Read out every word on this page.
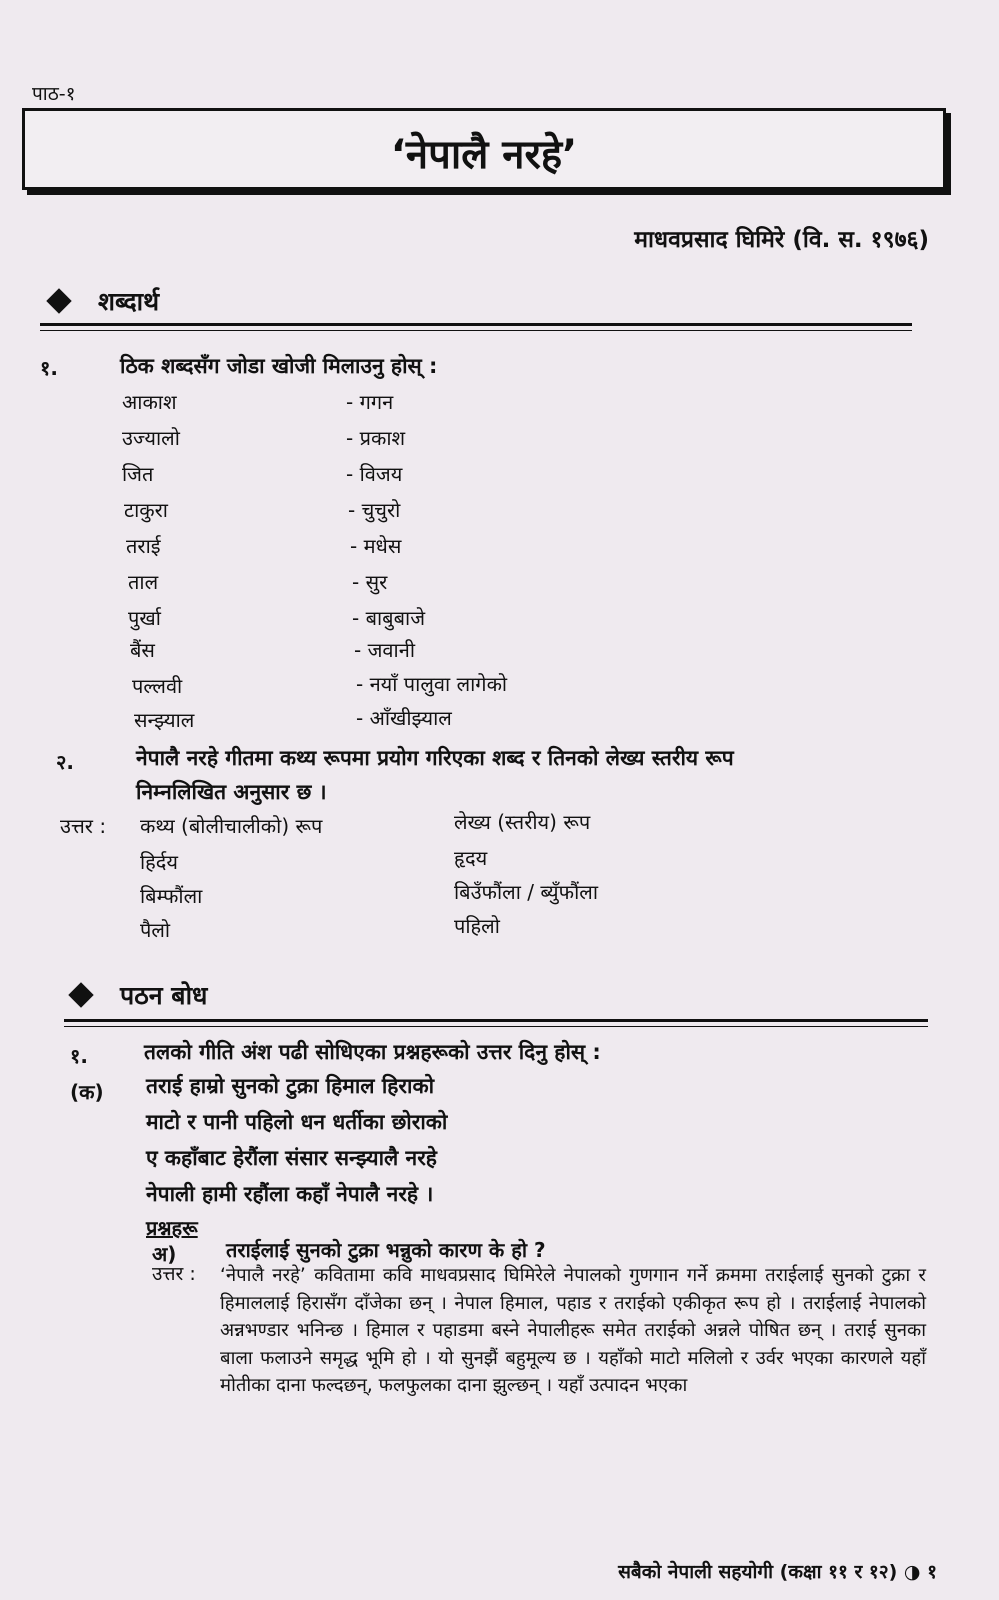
पाठ-१
‘नेपालै नरहे’
माधवप्रसाद घिमिरे (वि. स. १९७६)
शब्दार्थ
१.	ठिक शब्दसँग जोडा खोजी मिलाउनु होस् :
आकाश	- गगन
उज्यालो	- प्रकाश
जित	- विजय
टाकुरा	- चुचुरो
तराई	- मधेस
ताल	- सुर
पुर्खा	- बाबुबाजे
बैंस	- जवानी
पल्लवी	- नयाँ पालुवा लागेको
सन्झ्याल	- आँखीझ्याल
२.	नेपालै नरहे गीतमा कथ्य रूपमा प्रयोग गरिएका शब्द र तिनको लेख्य स्तरीय रूप
निम्नलिखित अनुसार छ ।
उत्तर : कथ्य (बोलीचालीको) रूप	लेख्य (स्तरीय) रूप
हिर्दय	हृदय
बिम्फौंला	बिउँफौंला / ब्युँफौंला
पैलो	पहिलो
पठन बोध
१.	तलको गीति अंश पढी सोधिएका प्रश्नहरूको उत्तर दिनु होस् :
(क) तराई हाम्रो सुनको टुक्रा हिमाल हिराको
माटो र पानी पहिलो धन धर्तीका छोराको
ए कहाँबाट हेरौंला संसार सन्झ्यालै नरहे
नेपाली हामी रहौंला कहाँ नेपालै नरहे ।
प्रश्नहरू
अ) तराईलाई सुनको टुक्रा भन्नुको कारण के हो ?
उत्तर : ‘नेपालै नरहे’ कवितामा कवि माधवप्रसाद घिमिरेले नेपालको गुणगान गर्ने क्रममा तराईलाई सुनको टुक्रा र हिमाललाई हिरासँग दाँजेका छन् । नेपाल हिमाल, पहाड र तराईको एकीकृत रूप हो । तराईलाई नेपालको अन्नभण्डार भनिन्छ । हिमाल र पहाडमा बस्ने नेपालीहरू समेत तराईको अन्नले पोषित छन् । तराई सुनका बाला फलाउने समृद्ध भूमि हो । यो सुनझैं बहुमूल्य छ । यहाँको माटो मलिलो र उर्वर भएका कारणले यहाँ मोतीका दाना फल्दछन्, फलफुलका दाना झुल्छन् । यहाँ उत्पादन भएका
सबैको नेपाली सहयोगी (कक्षा ११ र १२) ◑ १
